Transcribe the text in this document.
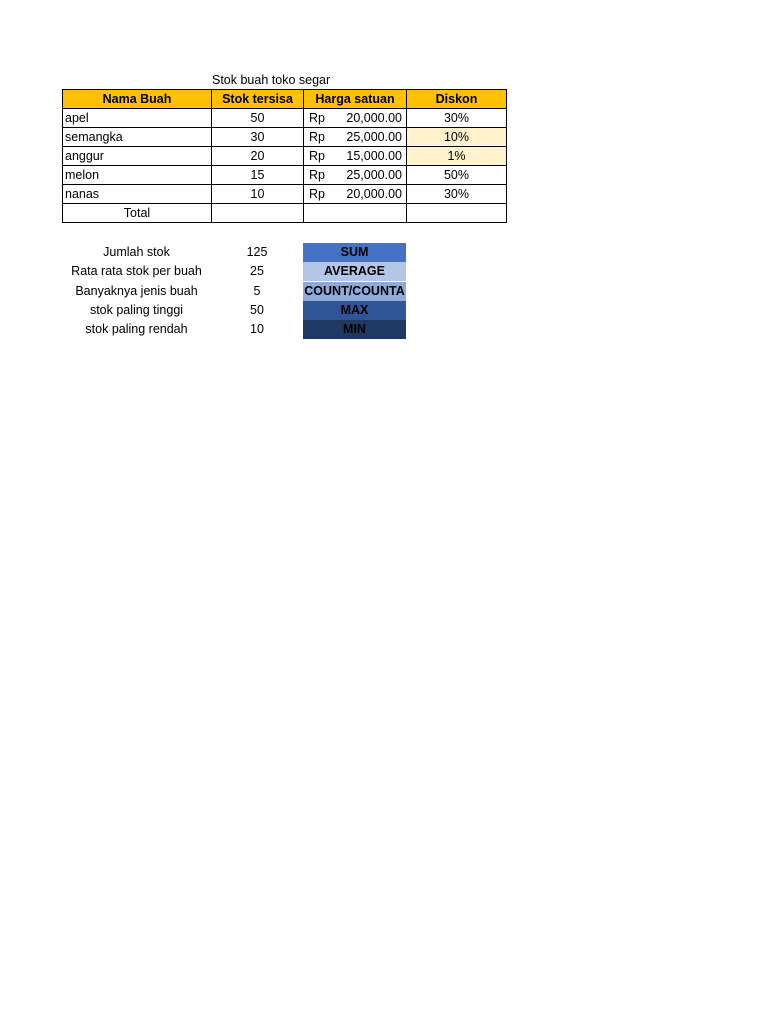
Stok buah toko segar
Nama Buah	Stok tersisa	Harga satuan	Diskon
apel	50	Rp 20,000.00	30%
semangka	30	Rp 25,000.00	10%
anggur	20	Rp 15,000.00	1%
melon	15	Rp 25,000.00	50%
nanas	10	Rp 20,000.00	30%
Total			
Jumlah stok	125	SUM
Rata rata stok per buah	25	AVERAGE
Banyaknya jenis buah	5	COUNT/COUNTA
stok paling tinggi	50	MAX
stok paling rendah	10	MIN
